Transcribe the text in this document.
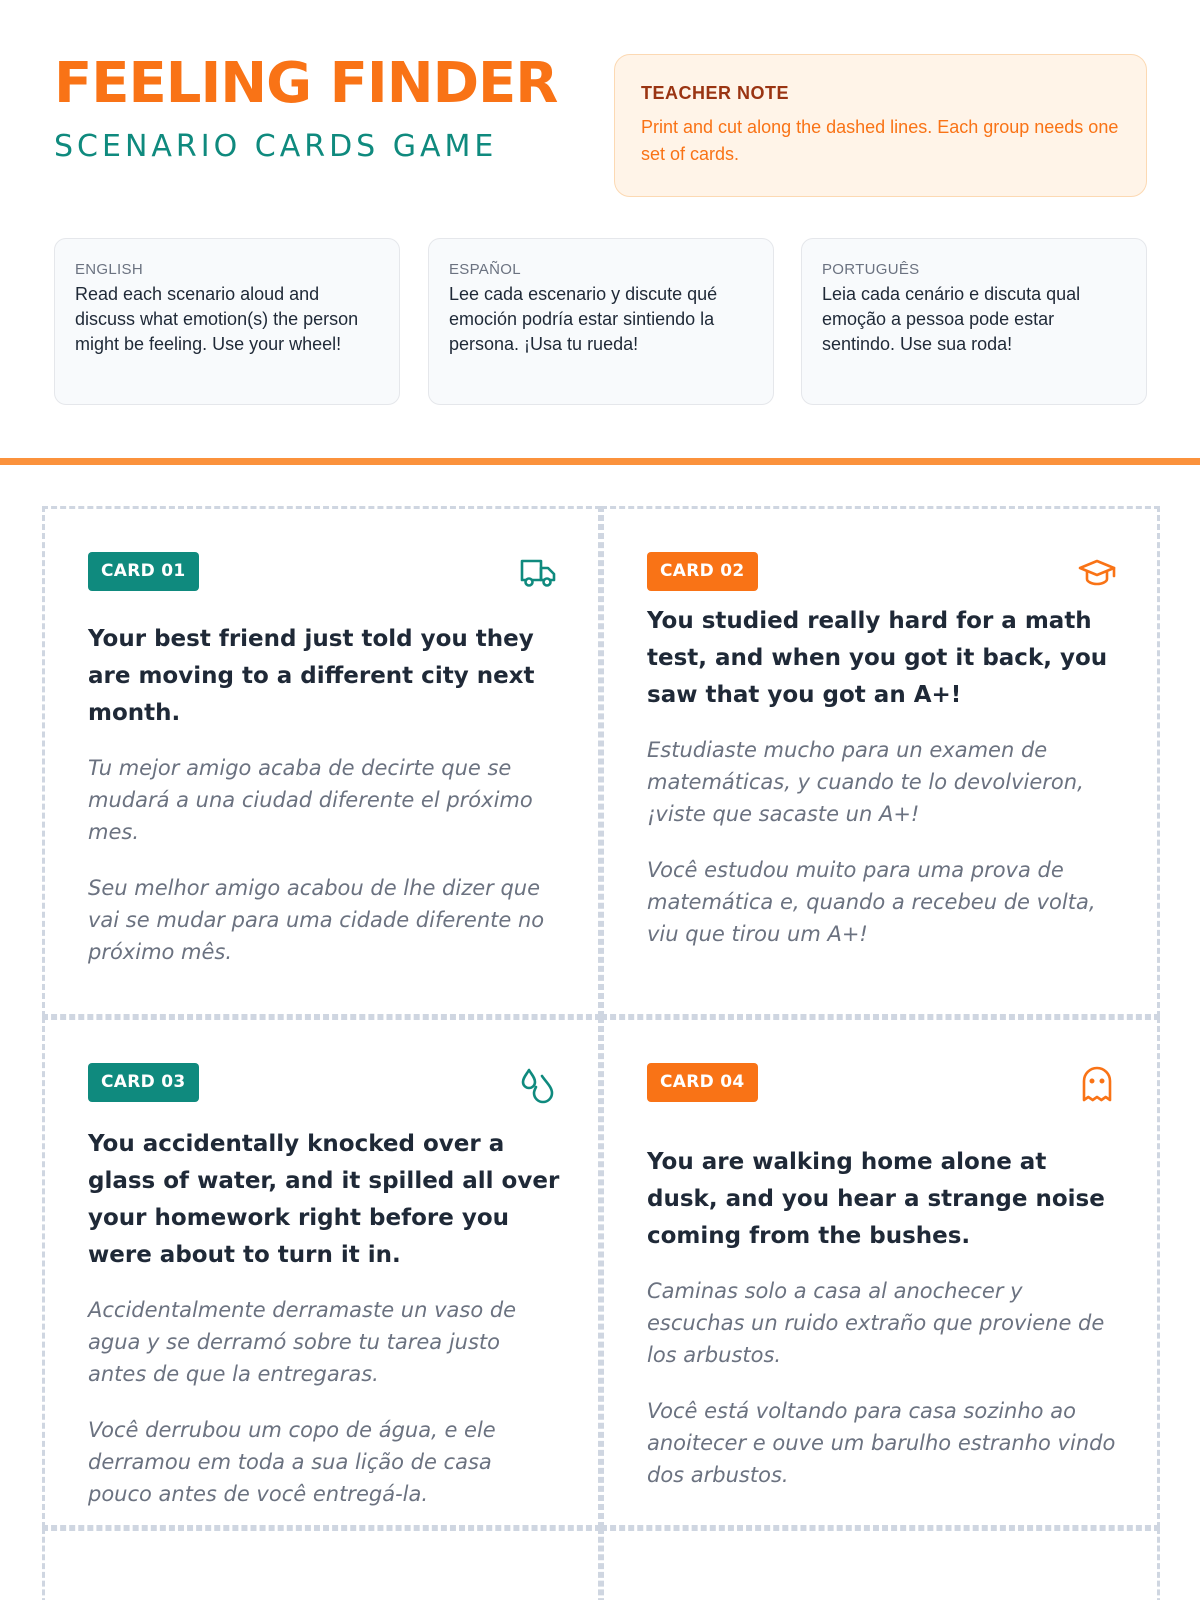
FEELING FINDER
SCENARIO CARDS GAME
TEACHER NOTE
Print and cut along the dashed lines. Each group needs one set of cards.
ENGLISH
Read each scenario aloud and discuss what emotion(s) the person might be feeling. Use your wheel!
ESPAÑOL
Lee cada escenario y discute qué emoción podría estar sintiendo la persona. ¡Usa tu rueda!
PORTUGUÊS
Leia cada cenário e discuta qual emoção a pessoa pode estar sentindo. Use sua roda!
CARD 01
Your best friend just told you they are moving to a different city next month.
Tu mejor amigo acaba de decirte que se mudará a una ciudad diferente el próximo mes.
Seu melhor amigo acabou de lhe dizer que vai se mudar para uma cidade diferente no próximo mês.
CARD 02
You studied really hard for a math test, and when you got it back, you saw that you got an A+!
Estudiaste mucho para un examen de matemáticas, y cuando te lo devolvieron, ¡viste que sacaste un A+!
Você estudou muito para uma prova de matemática e, quando a recebeu de volta, viu que tirou um A+!
CARD 03
You accidentally knocked over a glass of water, and it spilled all over your homework right before you were about to turn it in.
Accidentalmente derramaste un vaso de agua y se derramó sobre tu tarea justo antes de que la entregaras.
Você derrubou um copo de água, e ele derramou em toda a sua lição de casa pouco antes de você entregá-la.
CARD 04
You are walking home alone at dusk, and you hear a strange noise coming from the bushes.
Caminas solo a casa al anochecer y escuchas un ruido extraño que proviene de los arbustos.
Você está voltando para casa sozinho ao anoitecer e ouve um barulho estranho vindo dos arbustos.
